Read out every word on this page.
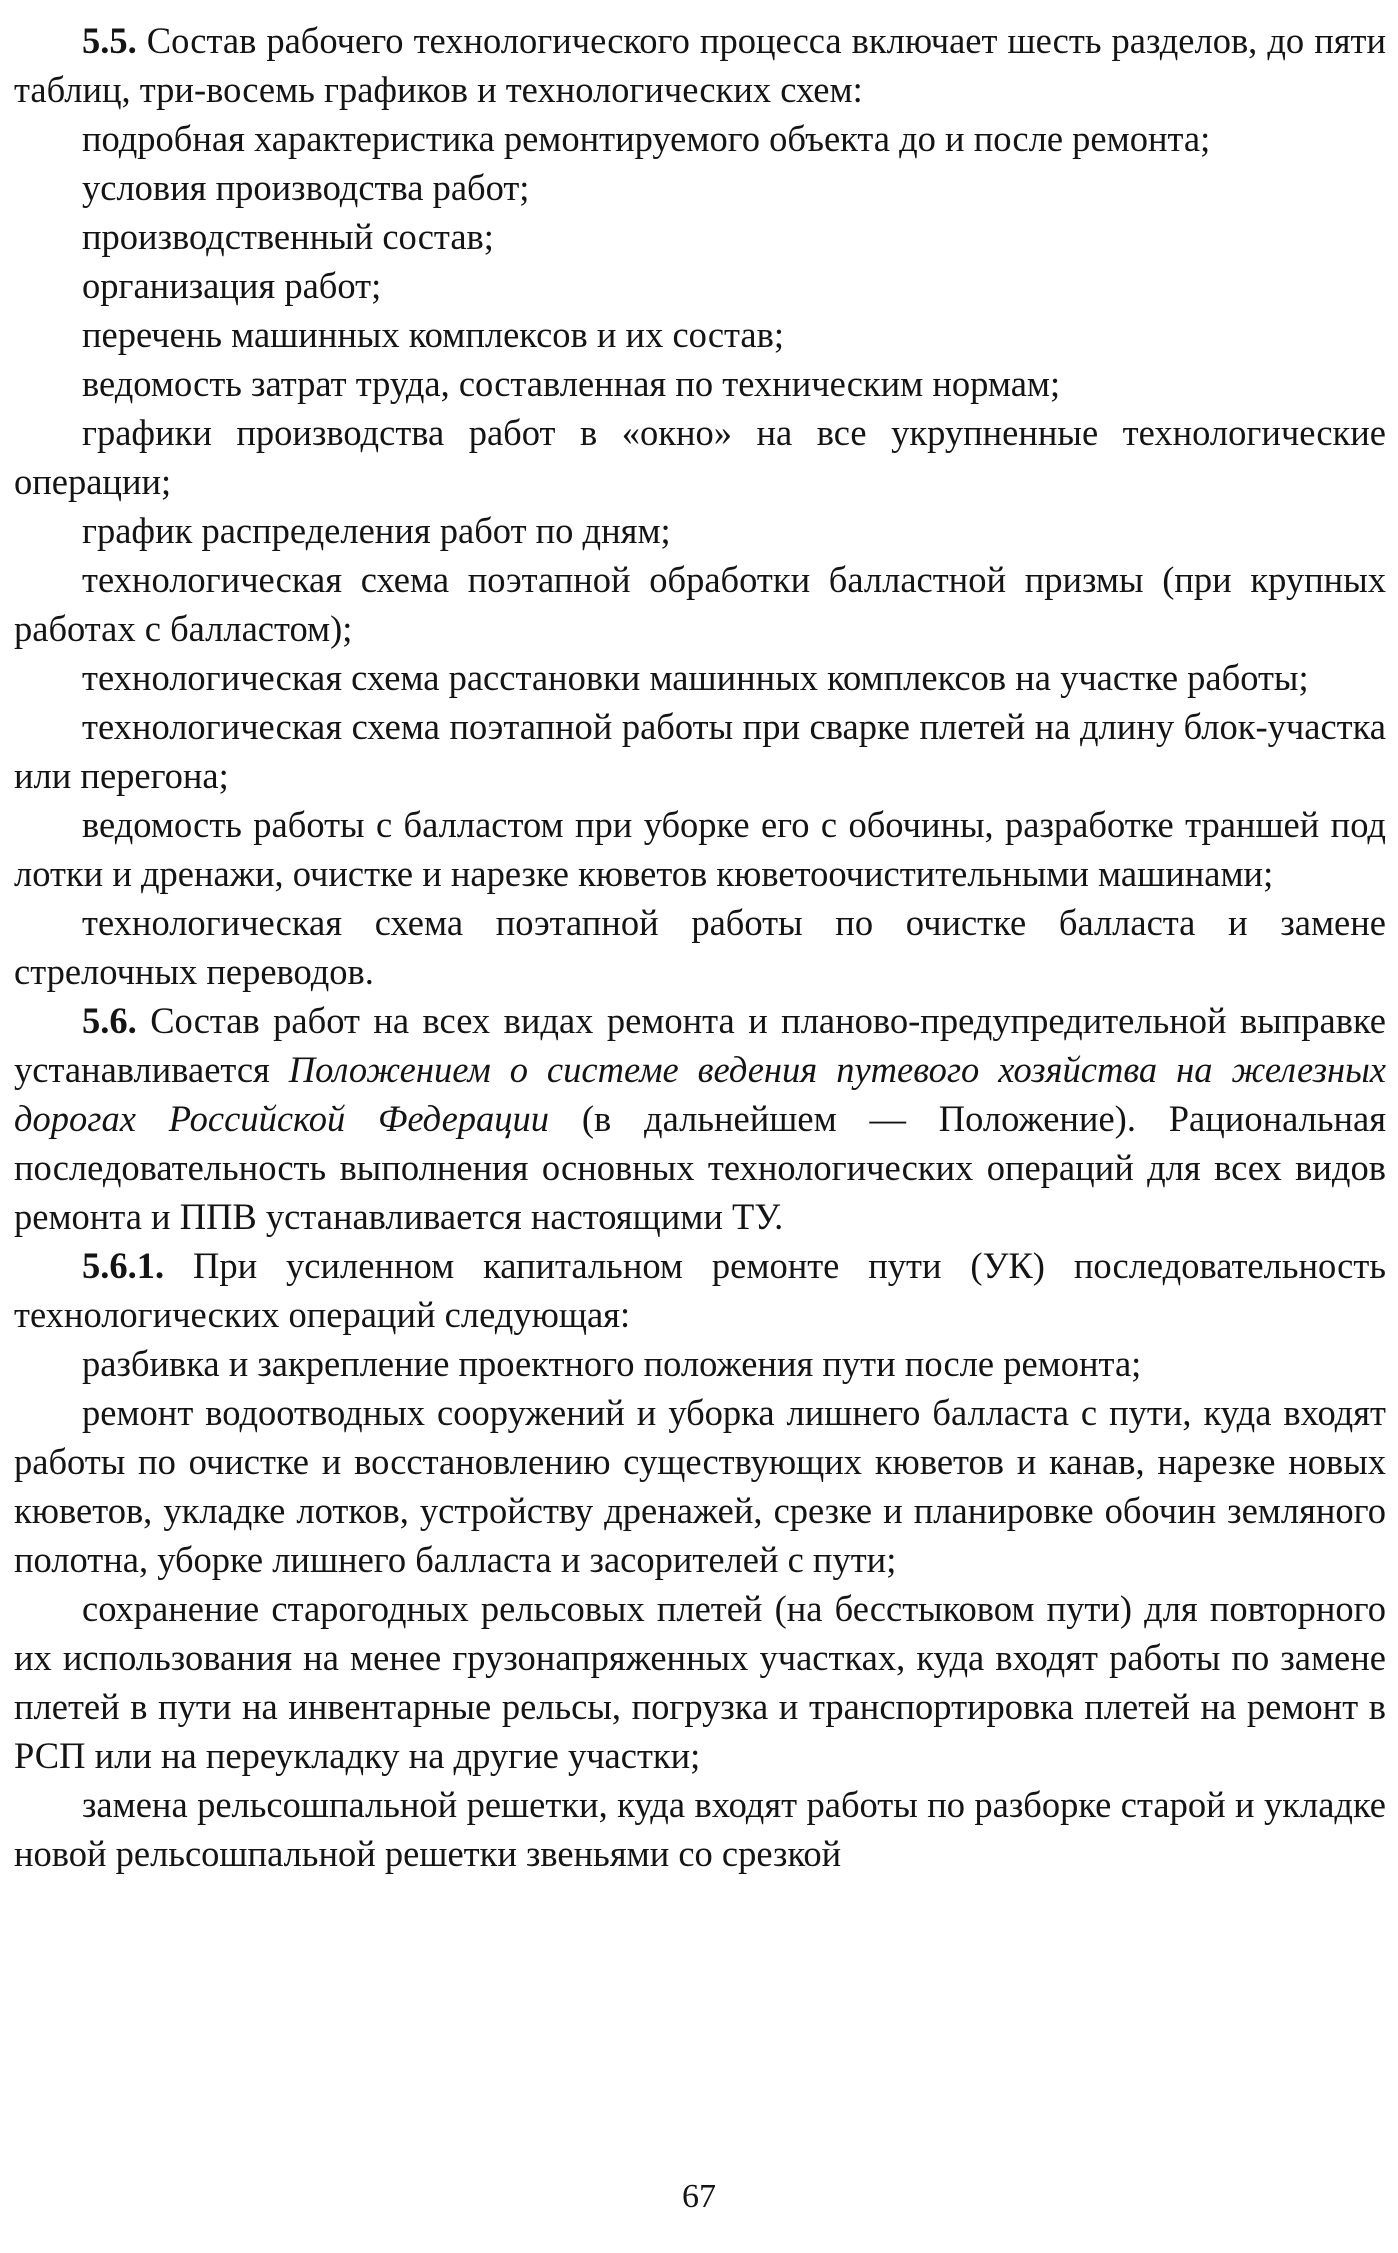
5.5. Состав рабочего технологического процесса включает шесть разделов, до пяти таблиц, три-восемь графиков и технологических схем:

подробная характеристика ремонтируемого объекта до и после ремонта;

условия производства работ;

производственный состав;

организация работ;

перечень машинных комплексов и их состав;

ведомость затрат труда, составленная по техническим нормам;

графики производства работ в «окно» на все укрупненные технологические операции;

график распределения работ по дням;

технологическая схема поэтапной обработки балластной призмы (при крупных работах с балластом);

технологическая схема расстановки машинных комплексов на участке работы;

технологическая схема поэтапной работы при сварке плетей на длину блок-участка или перегона;

ведомость работы с балластом при уборке его с обочины, разработке траншей под лотки и дренажи, очистке и нарезке кюветов кюветоочистительными машинами;

технологическая схема поэтапной работы по очистке балласта и замене стрелочных переводов.

5.6. Состав работ на всех видах ремонта и планово-предупредительной выправке устанавливается Положением о системе ведения путевого хозяйства на железных дорогах Российской Федерации (в дальнейшем — Положение). Рациональная последовательность выполнения основных технологических операций для всех видов ремонта и ППВ устанавливается настоящими ТУ.

5.6.1. При усиленном капитальном ремонте пути (УК) последовательность технологических операций следующая:

разбивка и закрепление проектного положения пути после ремонта;

ремонт водоотводных сооружений и уборка лишнего балласта с пути, куда входят работы по очистке и восстановлению существующих кюветов и канав, нарезке новых кюветов, укладке лотков, устройству дренажей, срезке и планировке обочин земляного полотна, уборке лишнего балласта и засорителей с пути;

сохранение старогодных рельсовых плетей (на бесстыковом пути) для повторного их использования на менее грузонапряженных участках, куда входят работы по замене плетей в пути на инвентарные рельсы, погрузка и транспортировка плетей на ремонт в РСП или на переукладку на другие участки;

замена рельсошпальной решетки, куда входят работы по разборке старой и укладке новой рельсошпальной решетки звеньями со срезкой

67
